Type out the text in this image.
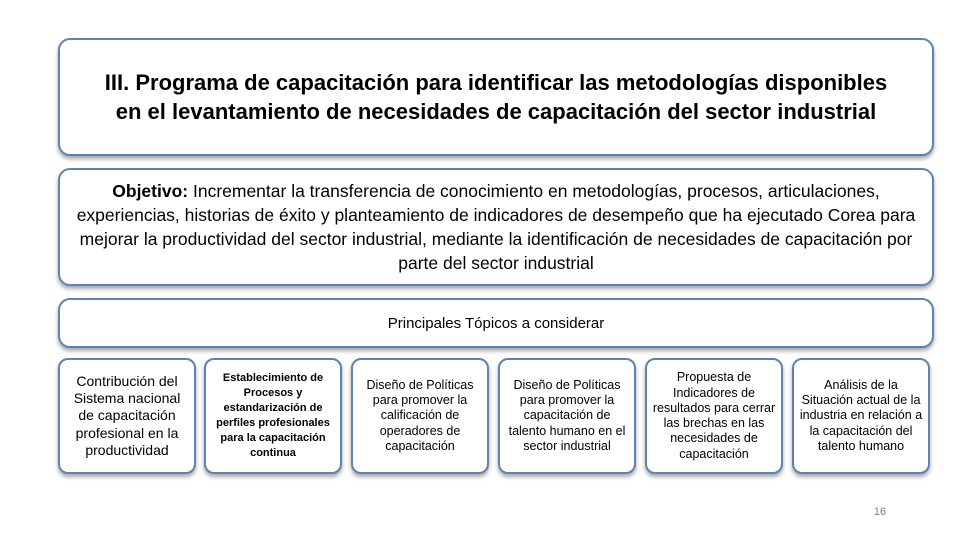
III. Programa de capacitación para identificar las metodologías disponibles en el levantamiento de necesidades de capacitación del sector industrial
Objetivo: Incrementar la transferencia de conocimiento en metodologías, procesos, articulaciones, experiencias, historias de éxito y planteamiento de indicadores de desempeño que ha ejecutado Corea para mejorar la productividad del sector industrial, mediante la identificación de necesidades de capacitación por parte del sector industrial
Principales Tópicos a considerar
Contribución del Sistema nacional de capacitación profesional en la productividad
Establecimiento de Procesos y estandarización de perfiles profesionales para la capacitación continua
Diseño de Políticas para promover la calificación de operadores de capacitación
Diseño de Políticas para promover la capacitación de talento humano en el sector industrial
Propuesta de Indicadores de resultados para cerrar las brechas en las necesidades de capacitación
Análisis de la Situación actual de la industria en relación a la capacitación del talento humano
16
